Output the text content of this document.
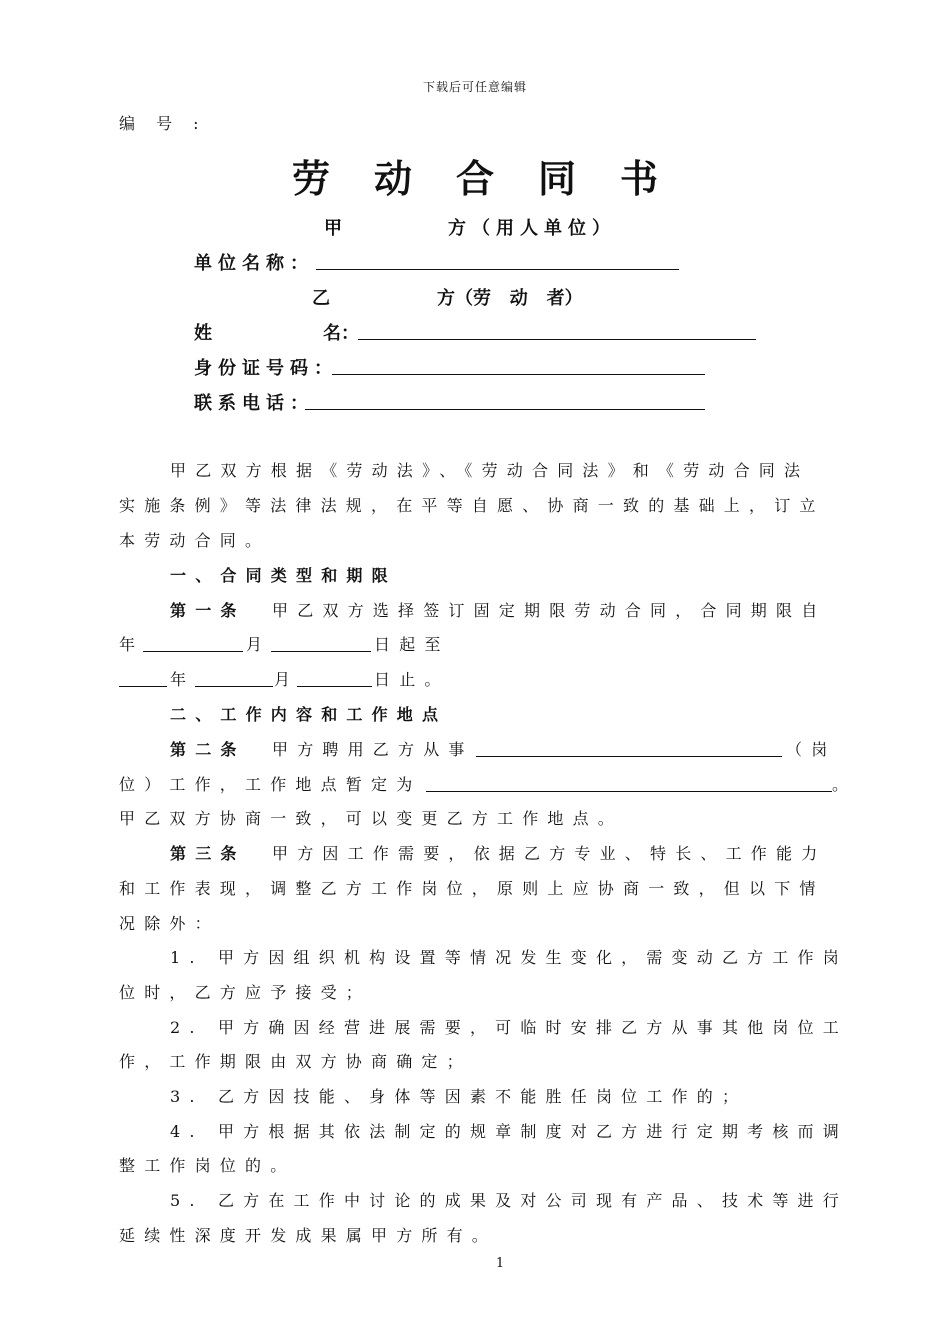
下载后可任意编辑
编 号 :
劳动合同书
甲	方（用人单位）
单位名称：
乙	方（劳   动   者）
姓	名：
身份证号码：
联系电话：
甲乙双方根据《劳动法》、《劳动合同法》和《劳动合同法
实施条例》等法律法规，在平等自愿、协商一致的基础上，订立
本劳动合同。
一、合同类型和期限
第一条 甲乙双方选择签订固定期限劳动合同，合同期限自
年	月	日起至
年	月	日止。
二、工作内容和工作地点
第二条 甲方聘用乙方从事	（岗
位）工作，工作地点暂定为	。
甲乙双方协商一致，可以变更乙方工作地点。
第三条 甲方因工作需要，依据乙方专业、特长、工作能力
和工作表现，调整乙方工作岗位，原则上应协商一致，但以下情
况除外：
1. 甲方因组织机构设置等情况发生变化，需变动乙方工作岗
位时，乙方应予接受；
2. 甲方确因经营进展需要，可临时安排乙方从事其他岗位工
作，工作期限由双方协商确定；
3. 乙方因技能、身体等因素不能胜任岗位工作的；
4. 甲方根据其依法制定的规章制度对乙方进行定期考核而调
整工作岗位的。
5. 乙方在工作中讨论的成果及对公司现有产品、技术等进行
延续性深度开发成果属甲方所有。
1
